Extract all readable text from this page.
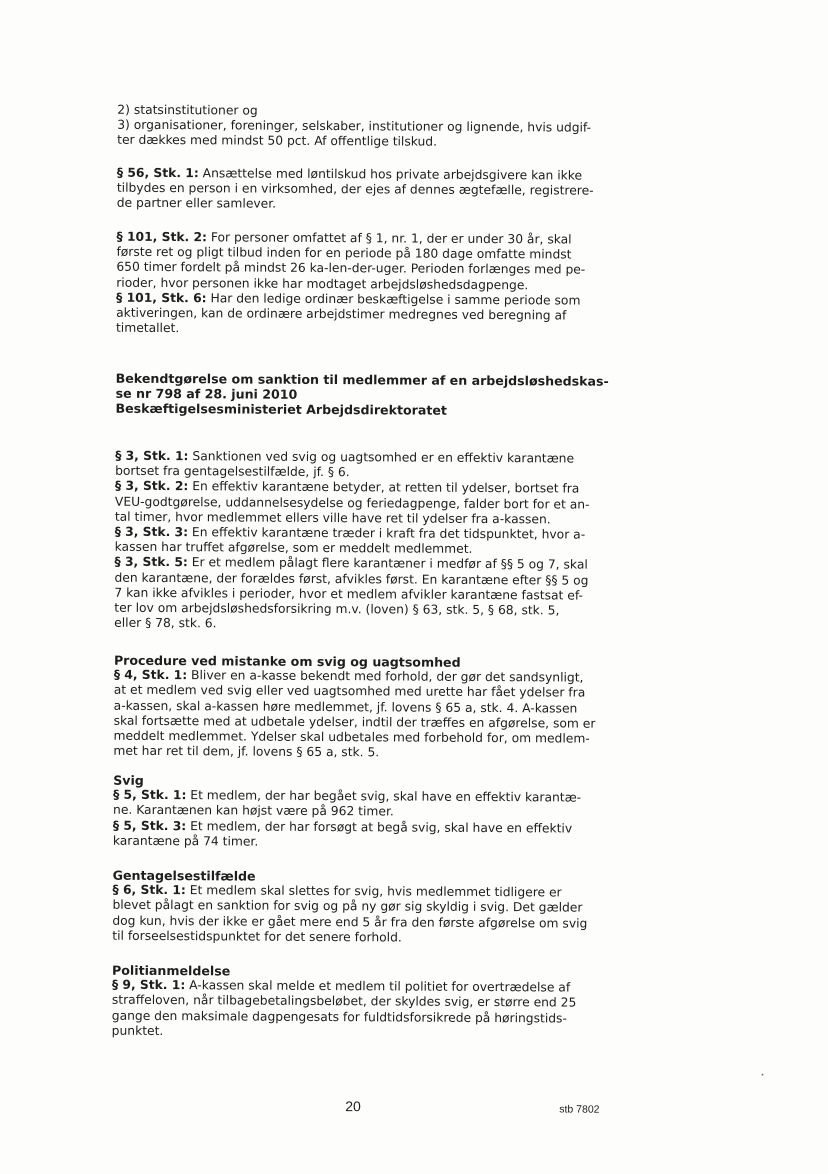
2) statsinstitutioner og

3) organisationer, foreninger, selskaber, institutioner og lignende, hvis udgif-

ter dækkes med mindst 50 pct. Af offentlige tilskud.

§ 56, Stk. 1: Ansættelse med løntilskud hos private arbejdsgivere kan ikke

tilbydes en person i en virksomhed, der ejes af dennes ægtefælle, registrere-

de partner eller samlever.

§ 101, Stk. 2: For personer omfattet af § 1, nr. 1, der er under 30 år, skal

første ret og pligt tilbud inden for en periode på 180 dage omfatte mindst

650 timer fordelt på mindst 26 ka-len-der-uger. Perioden forlænges med pe-

rioder, hvor personen ikke har modtaget arbejdsløshedsdagpenge.

§ 101, Stk. 6: Har den ledige ordinær beskæftigelse i samme periode som

aktiveringen, kan de ordinære arbejdstimer medregnes ved beregning af

timetallet.

Bekendtgørelse om sanktion til medlemmer af en arbejdsløshedskas-

se nr 798 af 28. juni 2010

Beskæftigelsesministeriet Arbejdsdirektoratet

§ 3, Stk. 1: Sanktionen ved svig og uagtsomhed er en effektiv karantæne

bortset fra gentagelsestilfælde, jf. § 6.

§ 3, Stk. 2: En effektiv karantæne betyder, at retten til ydelser, bortset fra

VEU-godtgørelse, uddannelsesydelse og feriedagpenge, falder bort for et an-

tal timer, hvor medlemmet ellers ville have ret til ydelser fra a-kassen.

§ 3, Stk. 3: En effektiv karantæne træder i kraft fra det tidspunktet, hvor a-

kassen har truffet afgørelse, som er meddelt medlemmet.

§ 3, Stk. 5: Er et medlem pålagt flere karantæner i medfør af §§ 5 og 7, skal

den karantæne, der forældes først, afvikles først. En karantæne efter §§ 5 og

7 kan ikke afvikles i perioder, hvor et medlem afvikler karantæne fastsat ef-

ter lov om arbejdsløshedsforsikring m.v. (loven) § 63, stk. 5, § 68, stk. 5,

eller § 78, stk. 6.

Procedure ved mistanke om svig og uagtsomhed

§ 4, Stk. 1: Bliver en a-kasse bekendt med forhold, der gør det sandsynligt,

at et medlem ved svig eller ved uagtsomhed med urette har fået ydelser fra

a-kassen, skal a-kassen høre medlemmet, jf. lovens § 65 a, stk. 4. A-kassen

skal fortsætte med at udbetale ydelser, indtil der træffes en afgørelse, som er

meddelt medlemmet. Ydelser skal udbetales med forbehold for, om medlem-

met har ret til dem, jf. lovens § 65 a, stk. 5.

Svig

§ 5, Stk. 1: Et medlem, der har begået svig, skal have en effektiv karantæ-

ne. Karantænen kan højst være på 962 timer.

§ 5, Stk. 3: Et medlem, der har forsøgt at begå svig, skal have en effektiv

karantæne på 74 timer.

Gentagelsestilfælde

§ 6, Stk. 1: Et medlem skal slettes for svig, hvis medlemmet tidligere er

blevet pålagt en sanktion for svig og på ny gør sig skyldig i svig. Det gælder

dog kun, hvis der ikke er gået mere end 5 år fra den første afgørelse om svig

til forseelsestidspunktet for det senere forhold.

Politianmeldelse

§ 9, Stk. 1: A-kassen skal melde et medlem til politiet for overtrædelse af

straffeloven, når tilbagebetalingsbeløbet, der skyldes svig, er større end 25

gange den maksimale dagpengesats for fuldtidsforsikrede på høringstids-

punktet.

20	stb 7802
